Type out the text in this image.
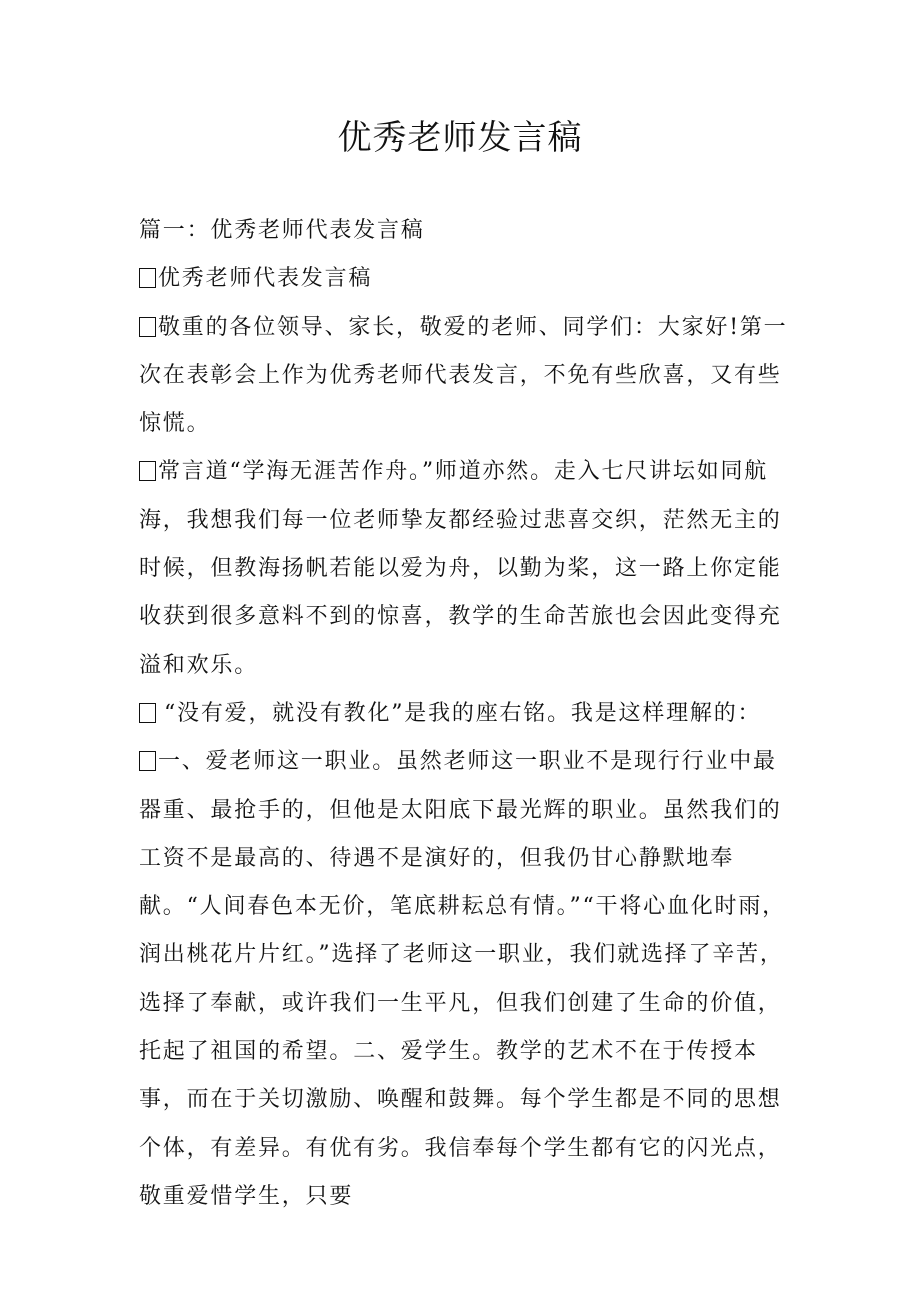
优秀老师发言稿

篇一：优秀老师代表发言稿

优秀老师代表发言稿

敬重的各位领导、家长，敬爱的老师、同学们：大家好!第一次在表彰会上作为优秀老师代表发言，不免有些欣喜，又有些惊慌。

常言道“学海无涯苦作舟。”师道亦然。走入七尺讲坛如同航海，我想我们每一位老师挚友都经验过悲喜交织，茫然无主的时候，但教海扬帆若能以爱为舟，以勤为桨，这一路上你定能收获到很多意料不到的惊喜，教学的生命苦旅也会因此变得充溢和欢乐。

“没有爱，就没有教化”是我的座右铭。我是这样理解的：

一、爱老师这一职业。虽然老师这一职业不是现行行业中最器重、最抢手的，但他是太阳底下最光辉的职业。虽然我们的工资不是最高的、待遇不是演好的，但我仍甘心静默地奉献。“人间春色本无价，笔底耕耘总有情。”“干将心血化时雨，润出桃花片片红。”选择了老师这一职业，我们就选择了辛苦，选择了奉献，或许我们一生平凡，但我们创建了生命的价值，托起了祖国的希望。二、爱学生。教学的艺术不在于传授本事，而在于关切激励、唤醒和鼓舞。每个学生都是不同的思想个体，有差异。有优有劣。我信奉每个学生都有它的闪光点，敬重爱惜学生，只要
